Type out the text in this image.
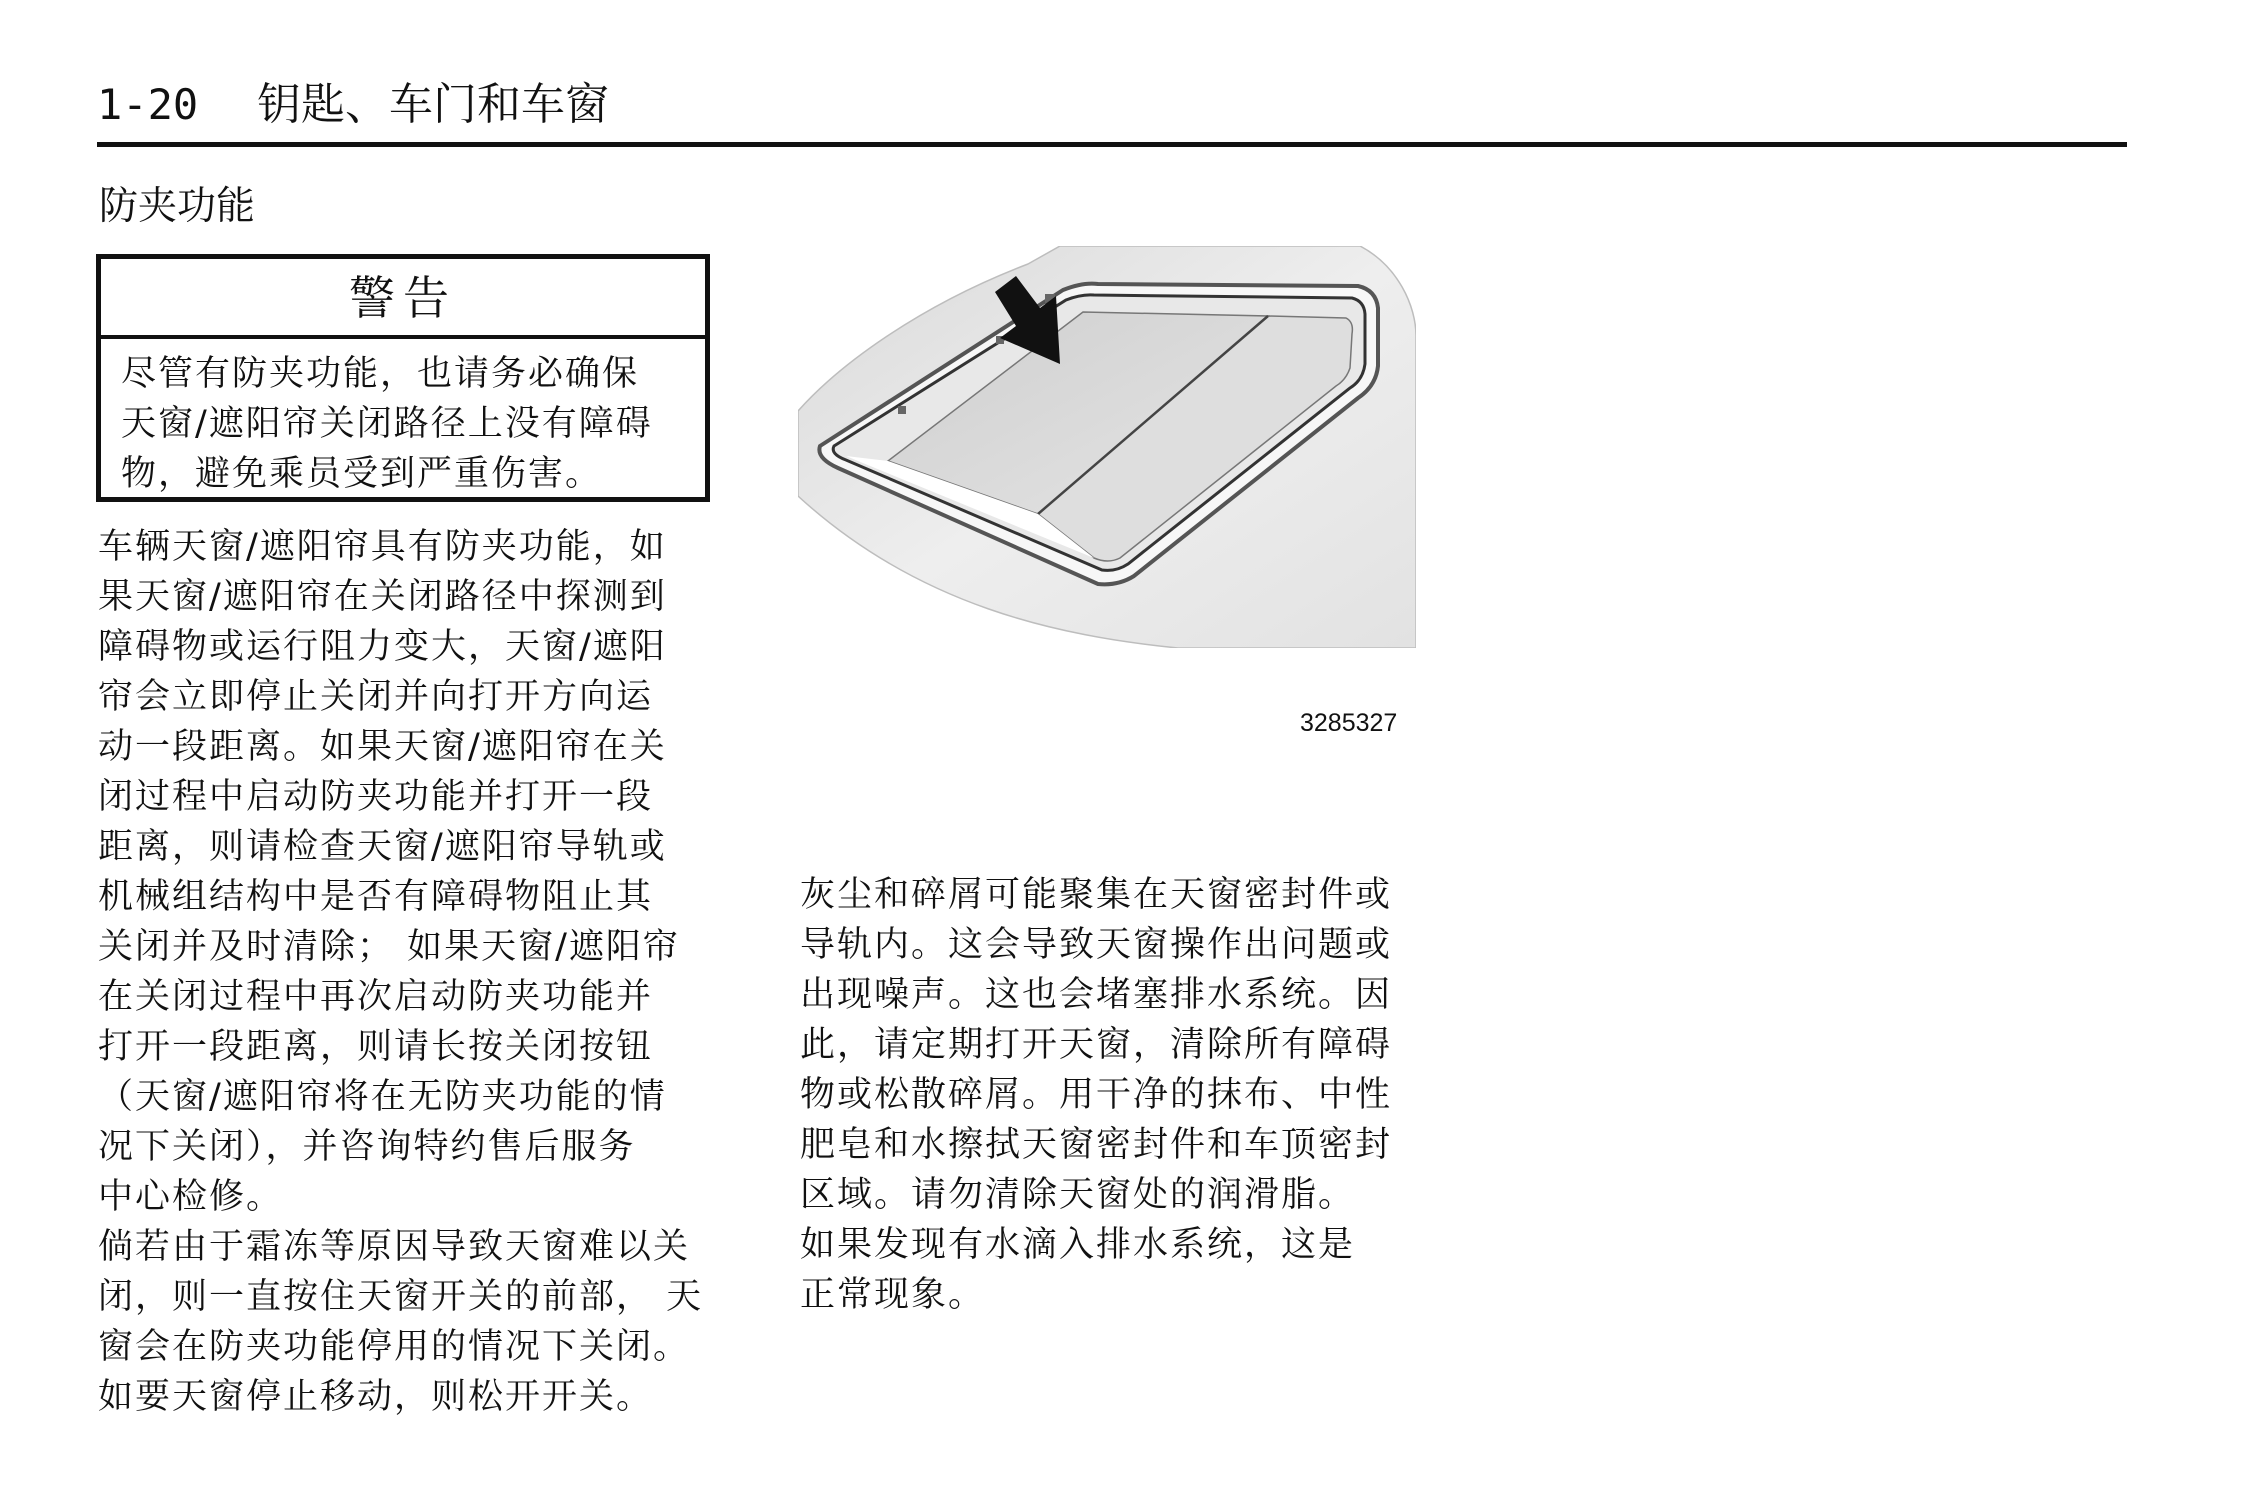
1-20 钥匙、车门和车窗
防夹功能
警告
尽管有防夹功能，也请务必确保
天窗/遮阳帘关闭路径上没有障碍
物，避免乘员受到严重伤害。
车辆天窗/遮阳帘具有防夹功能，如
果天窗/遮阳帘在关闭路径中探测到
障碍物或运行阻力变大，天窗/遮阳
帘会立即停止关闭并向打开方向运
动一段距离。如果天窗/遮阳帘在关
闭过程中启动防夹功能并打开一段
距离，则请检查天窗/遮阳帘导轨或
机械组结构中是否有障碍物阻止其
关闭并及时清除； 如果天窗/遮阳帘
在关闭过程中再次启动防夹功能并
打开一段距离，则请长按关闭按钮
（天窗/遮阳帘将在无防夹功能的情
况下关闭），并咨询特约售后服务
中心检修。
倘若由于霜冻等原因导致天窗难以关
闭，则一直按住天窗开关的前部， 天
窗会在防夹功能停用的情况下关闭。
如要天窗停止移动，则松开开关。
3285327
灰尘和碎屑可能聚集在天窗密封件或
导轨内。这会导致天窗操作出问题或
出现噪声。这也会堵塞排水系统。因
此，请定期打开天窗，清除所有障碍
物或松散碎屑。用干净的抹布、中性
肥皂和水擦拭天窗密封件和车顶密封
区域。请勿清除天窗处的润滑脂。
如果发现有水滴入排水系统，这是
正常现象。
